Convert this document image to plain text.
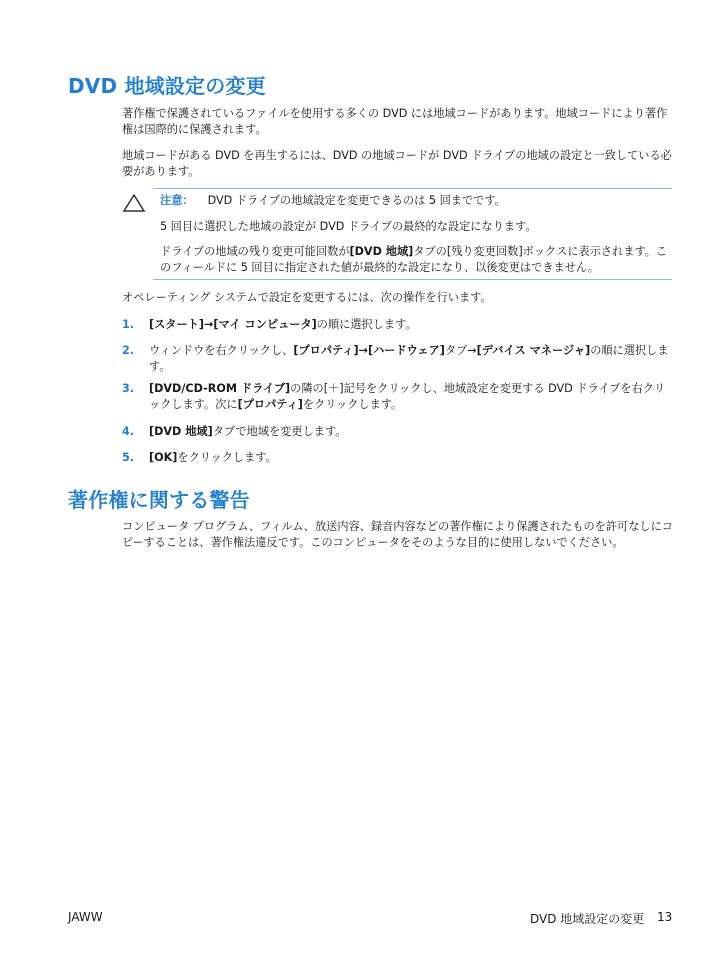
DVD 地域設定の変更

著作権で保護されているファイルを使用する多くの DVD には地域コードがあります。地域コードにより著作権は国際的に保護されます。

地域コードがある DVD を再生するには、DVD の地域コードが DVD ドライブの地域の設定と一致している必要があります。

注意： DVD ドライブの地域設定を変更できるのは 5 回までです。

5 回目に選択した地域の設定が DVD ドライブの最終的な設定になります。

ドライブの地域の残り変更可能回数が[DVD 地域]タブの[残り変更回数]ボックスに表示されます。このフィールドに 5 回目に指定された値が最終的な設定になり、以後変更はできません。

オペレーティング システムで設定を変更するには、次の操作を行います。

1. [スタート]→[マイ コンピュータ]の順に選択します。

2. ウィンドウを右クリックし、[プロパティ]→[ハードウェア]タブ→[デバイス マネージャ]の順に選択します。

3. [DVD/CD-ROM ドライブ]の隣の[＋]記号をクリックし、地域設定を変更する DVD ドライブを右クリックします。次に[プロパティ]をクリックします。

4. [DVD 地域]タブで地域を変更します。

5. [OK]をクリックします。

著作権に関する警告

コンピュータ プログラム、フィルム、放送内容、録音内容などの著作権により保護されたものを許可なしにコピーすることは、著作権法違反です。このコンピュータをそのような目的に使用しないでください。

JAWW	DVD 地域設定の変更 13
